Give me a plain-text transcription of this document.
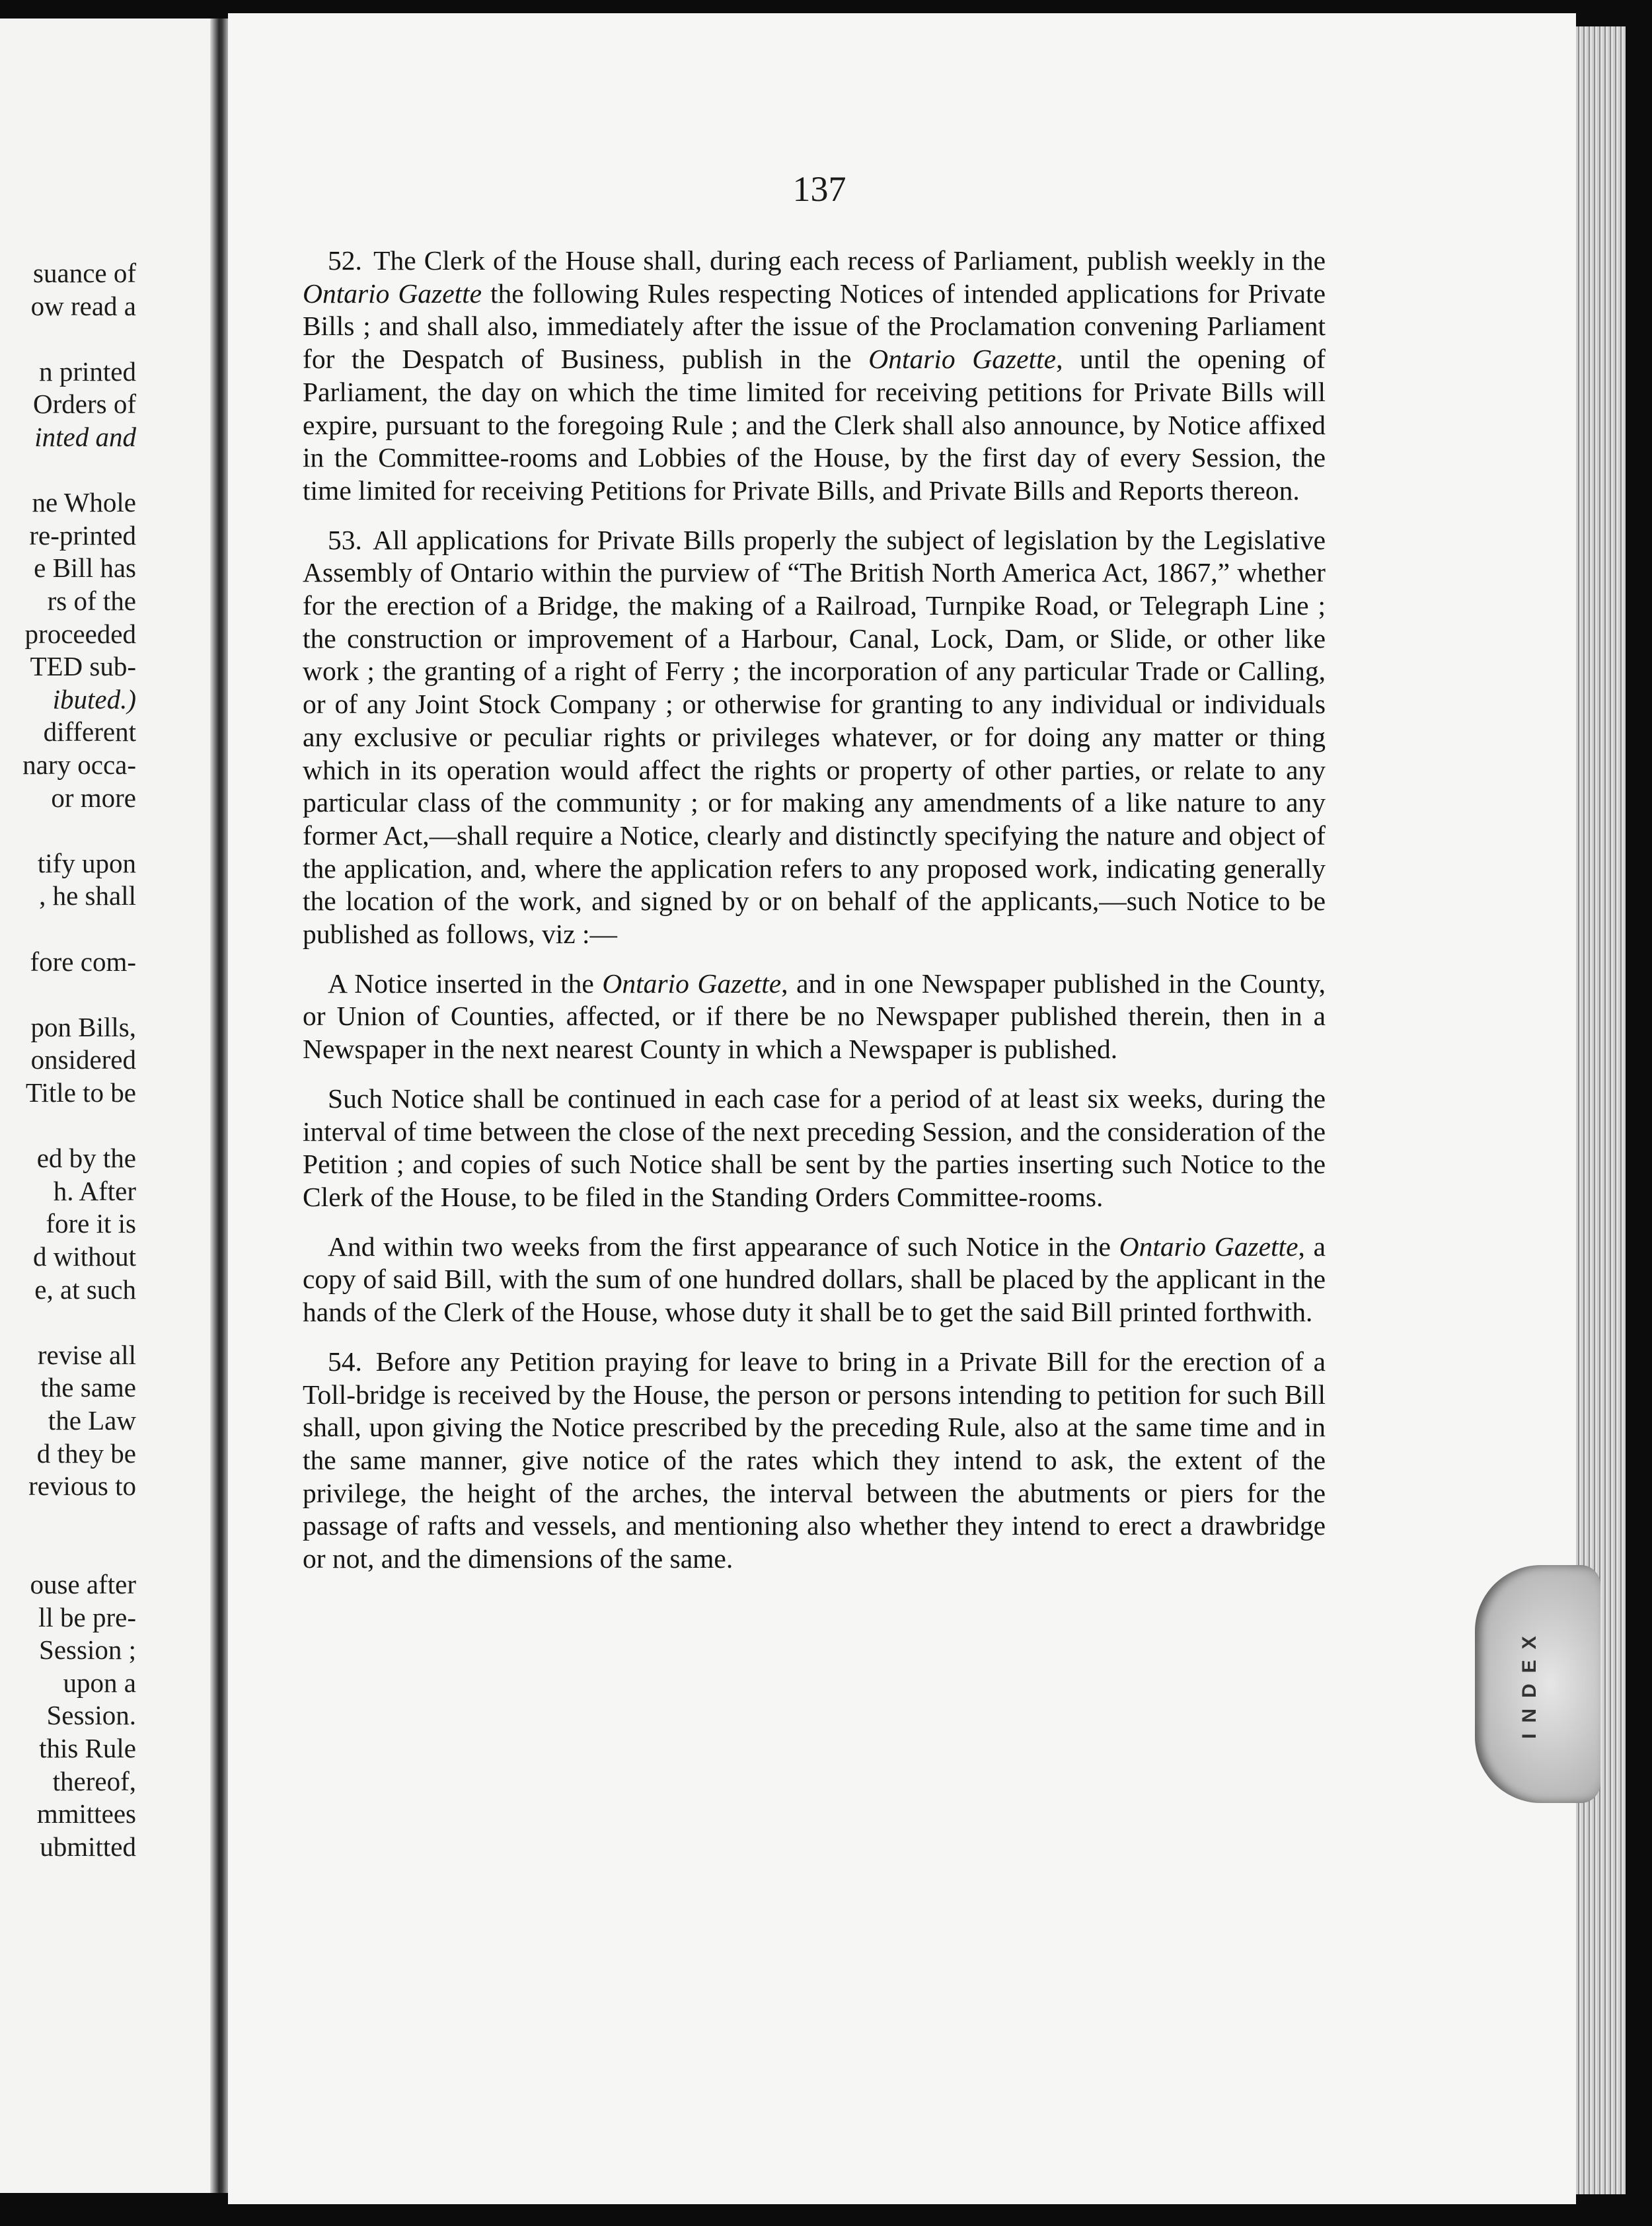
suance of
ow read a
n printed
Orders of
inted and
ne Whole
re-printed
e Bill has
rs of the
proceeded
TED sub-
ibuted.)
different
nary occa-
or more
tify upon
, he shall
fore com-
pon Bills,
onsidered
Title to be
ed by the
h. After
fore it is
d without
e, at such
revise all
the same
the Law
d they be
revious to
ouse after
ll be pre-
Session ;
upon a
Session.
this Rule
thereof,
mmittees
ubmitted
137

52. The Clerk of the House shall, during each recess of Parliament, publish weekly in the Ontario Gazette the following Rules respecting Notices of intended applications for Private Bills ; and shall also, immediately after the issue of the Proclamation convening Parliament for the Despatch of Business, publish in the Ontario Gazette, until the opening of Parliament, the day on which the time limited for receiving petitions for Private Bills will expire, pursuant to the foregoing Rule ; and the Clerk shall also announce, by Notice affixed in the Committee-rooms and Lobbies of the House, by the first day of every Session, the time limited for receiving Petitions for Private Bills, and Private Bills and Reports thereon.

53. All applications for Private Bills properly the subject of legislation by the Legislative Assembly of Ontario within the purview of “The British North America Act, 1867,” whether for the erection of a Bridge, the making of a Railroad, Turnpike Road, or Telegraph Line ; the construction or improvement of a Harbour, Canal, Lock, Dam, or Slide, or other like work ; the granting of a right of Ferry ; the incorporation of any particular Trade or Calling, or of any Joint Stock Company ; or otherwise for granting to any individual or individuals any exclusive or peculiar rights or privileges whatever, or for doing any matter or thing which in its operation would affect the rights or property of other parties, or relate to any particular class of the community ; or for making any amendments of a like nature to any former Act,—shall require a Notice, clearly and distinctly specifying the nature and object of the application, and, where the application refers to any proposed work, indicating generally the location of the work, and signed by or on behalf of the applicants,—such Notice to be published as follows, viz :—

A Notice inserted in the Ontario Gazette, and in one Newspaper published in the County, or Union of Counties, affected, or if there be no Newspaper published therein, then in a Newspaper in the next nearest County in which a Newspaper is published.

Such Notice shall be continued in each case for a period of at least six weeks, during the interval of time between the close of the next preceding Session, and the consideration of the Petition ; and copies of such Notice shall be sent by the parties inserting such Notice to the Clerk of the House, to be filed in the Standing Orders Committee-rooms.

And within two weeks from the first appearance of such Notice in the Ontario Gazette, a copy of said Bill, with the sum of one hundred dollars, shall be placed by the applicant in the hands of the Clerk of the House, whose duty it shall be to get the said Bill printed forthwith.

54. Before any Petition praying for leave to bring in a Private Bill for the erection of a Toll-bridge is received by the House, the person or persons intending to petition for such Bill shall, upon giving the Notice prescribed by the preceding Rule, also at the same time and in the same manner, give notice of the rates which they intend to ask, the extent of the privilege, the height of the arches, the interval between the abutments or piers for the passage of rafts and vessels, and mentioning also whether they intend to erect a drawbridge or not, and the dimensions of the same.

INDEX
